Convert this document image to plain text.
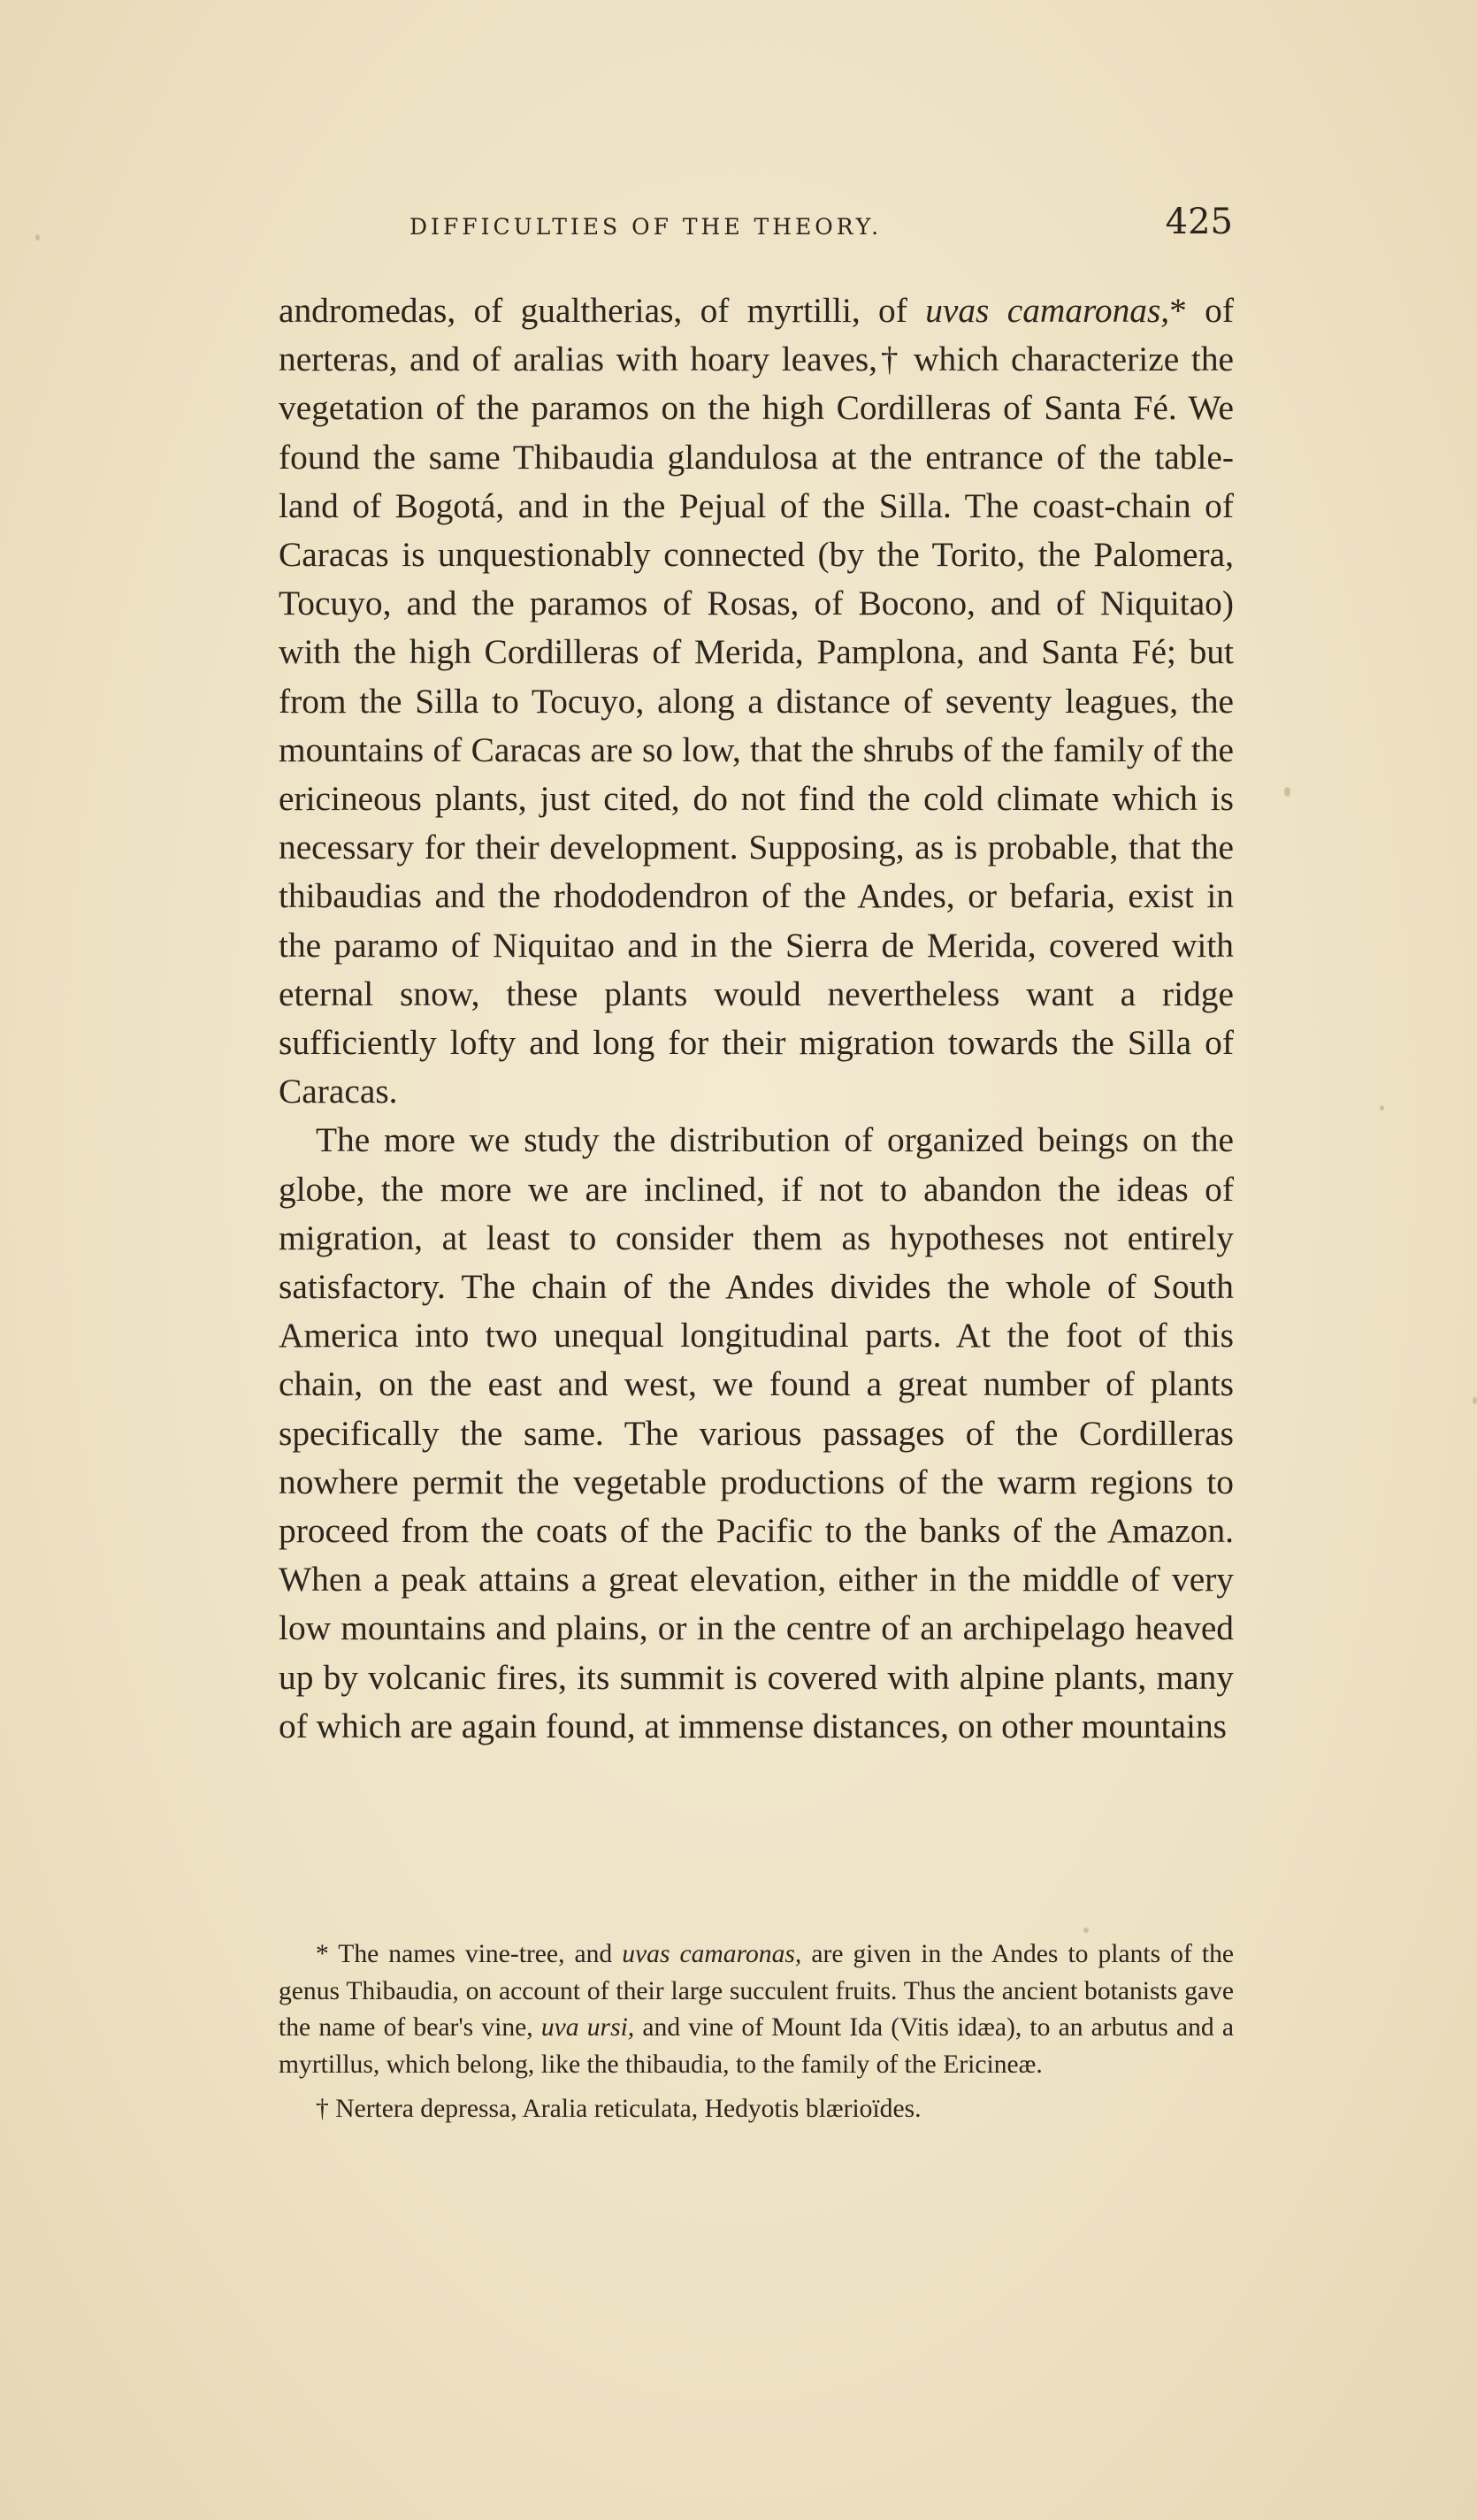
DIFFICULTIES OF THE THEORY.	425

andromedas, of gualtherias, of myrtilli, of uvas camaronas,* of nerteras, and of aralias with hoary leaves,† which characterize the vegetation of the paramos on the high Cordilleras of Santa Fé. We found the same Thibaudia glandulosa at the entrance of the table-land of Bogotá, and in the Pejual of the Silla. The coast-chain of Caracas is unquestionably connected (by the Torito, the Palomera, Tocuyo, and the paramos of Rosas, of Bocono, and of Niquitao) with the high Cordilleras of Merida, Pamplona, and Santa Fé; but from the Silla to Tocuyo, along a distance of seventy leagues, the mountains of Caracas are so low, that the shrubs of the family of the ericineous plants, just cited, do not find the cold climate which is necessary for their development. Supposing, as is probable, that the thibaudias and the rhododendron of the Andes, or befaria, exist in the paramo of Niquitao and in the Sierra de Merida, covered with eternal snow, these plants would nevertheless want a ridge sufficiently lofty and long for their migration towards the Silla of Caracas.

The more we study the distribution of organized beings on the globe, the more we are inclined, if not to abandon the ideas of migration, at least to consider them as hypotheses not entirely satisfactory. The chain of the Andes divides the whole of South America into two unequal longitudinal parts. At the foot of this chain, on the east and west, we found a great number of plants specifically the same. The various passages of the Cordilleras nowhere permit the vegetable productions of the warm regions to proceed from the coats of the Pacific to the banks of the Amazon. When a peak attains a great elevation, either in the middle of very low mountains and plains, or in the centre of an archipelago heaved up by volcanic fires, its summit is covered with alpine plants, many of which are again found, at immense distances, on other mountains

* The names vine-tree, and uvas camaronas, are given in the Andes to plants of the genus Thibaudia, on account of their large succulent fruits. Thus the ancient botanists gave the name of bear's vine, uva ursi, and vine of Mount Ida (Vitis idæa), to an arbutus and a myrtillus, which belong, like the thibaudia, to the family of the Ericineæ.

† Nertera depressa, Aralia reticulata, Hedyotis blærioïdes.
